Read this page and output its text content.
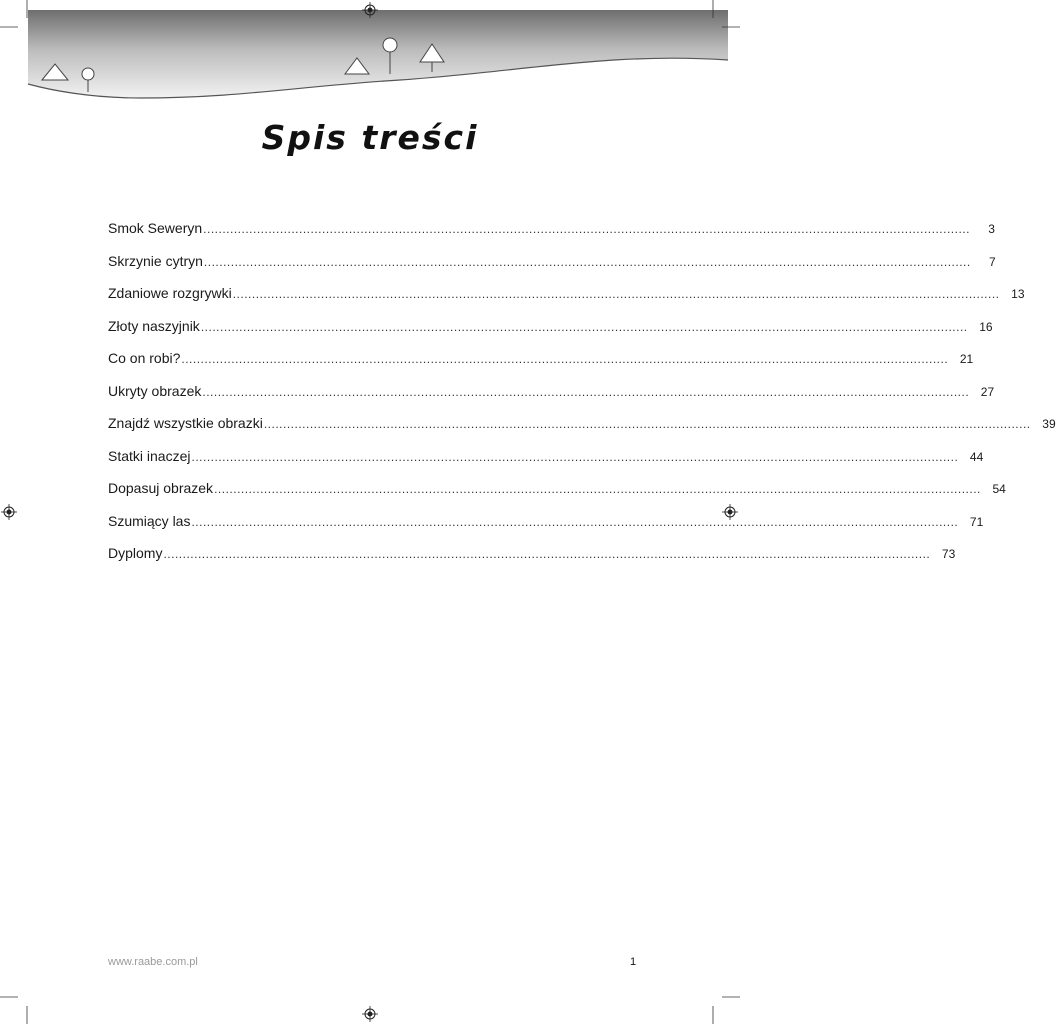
Spis treści
Smok Seweryn ........................................................................................................................................................................................................	3
Skrzynie cytryn ........................................................................................................................................................................................................	7
Zdaniowe rozgrywki ........................................................................................................................................................................................................ 13
Złoty naszyjnik ........................................................................................................................................................................................................ 16
Co on robi? ........................................................................................................................................................................................................ 21
Ukryty obrazek ........................................................................................................................................................................................................ 27
Znajdź wszystkie obrazki ........................................................................................................................................................................................................ 39
Statki inaczej ........................................................................................................................................................................................................ 44
Dopasuj obrazek ........................................................................................................................................................................................................ 54
Szumiący las ........................................................................................................................................................................................................ 71
Dyplomy ........................................................................................................................................................................................................ 73
www.raabe.com.pl	1
